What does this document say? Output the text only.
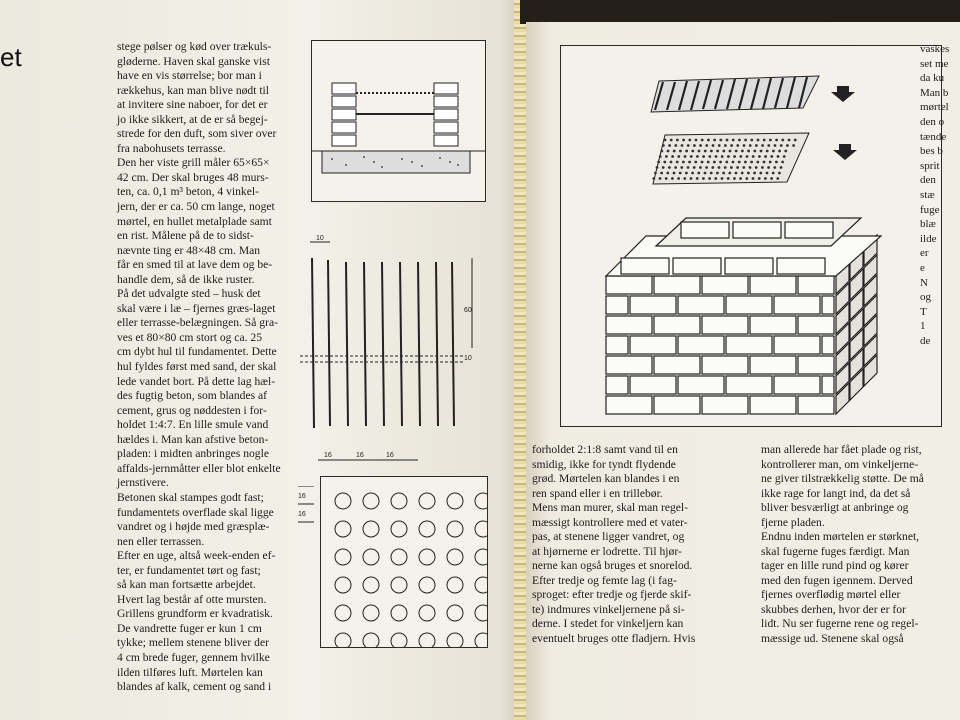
et	stege pølser og kød over trækuls-

gløderne. Haven skal ganske vist

have en vis størrelse; bor man i

rækkehus, kan man blive nødt til

at invitere sine naboer, for det er

jo ikke sikkert, at de er så begej-

strede for den duft, som siver over

fra nabohusets terrasse.

Den her viste grill måler 65×65×

42 cm. Der skal bruges 48 murs-

ten, ca. 0,1 m³ beton, 4 vinkel-

jern, der er ca. 50 cm lange, noget

mørtel, en hullet metalplade samt

en rist. Målene på de to sidst-

nævnte ting er 48×48 cm. Man

får en smed til at lave dem og be-

handle dem, så de ikke ruster.

På det udvalgte sted – husk det

skal være i læ – fjernes græs-laget

eller terrasse-belægningen. Så gra-

ves et 80×80 cm stort og ca. 25

cm dybt hul til fundamentet. Dette

hul fyldes først med sand, der skal

lede vandet bort. På dette lag hæl-

des fugtig beton, som blandes af

cement, grus og nøddesten i for-

holdet 1:4:7. En lille smule vand

hældes i. Man kan afstive beton-

pladen: i midten anbringes nogle

affalds-jernmåtter eller blot enkelte

jernstivere.

Betonen skal stampes godt fast;

fundamentets overflade skal ligge

vandret og i højde med græsplæ-

nen eller terrassen.

Efter en uge, altså week-enden ef-

ter, er fundamentet tørt og fast;

så kan man fortsætte arbejdet.

Hvert lag består af otte mursten.

Grillens grundform er kvadratisk.

De vandrette fuger er kun 1 cm

tykke; mellem stenene bliver der

4 cm brede fuger, gennem hvilke

ilden tilføres luft. Mørtelen kan

blandes af kalk, cement og sand i

10
60
10
16	16	16
16
16

forholdet 2:1:8 samt vand til en

smidig, ikke for tyndt flydende

grød. Mørtelen kan blandes i en

ren spand eller i en trillebør.

Mens man murer, skal man regel-

mæssigt kontrollere med et vater-

pas, at stenene ligger vandret, og

at hjørnerne er lodrette. Til hjør-

nerne kan også bruges et snorelod.

Efter tredje og femte lag (i fag-

sproget: efter tredje og fjerde skif-

te) indmures vinkeljernene på si-

derne. I stedet for vinkeljern kan

eventuelt bruges otte fladjern. Hvis

man allerede har fået plade og rist,

kontrollerer man, om vinkeljerne-

ne giver tilstrækkelig støtte. De må

ikke rage for langt ind, da det så

bliver besværligt at anbringe og

fjerne pladen.

Endnu inden mørtelen er størknet,

skal fugerne fuges færdigt. Man

tager en lille rund pind og kører

med den fugen igennem. Derved

fjernes overflødig mørtel eller

skubbes derhen, hvor der er for

lidt. Nu ser fugerne rene og regel-

mæssige ud. Stenene skal også

vaskes

set me

da ku

Man b

mørtel

den o

tænde

bes b

sprit

den

stæ

fuge

blæ

ilde

er

e

N

og

T

1

de
